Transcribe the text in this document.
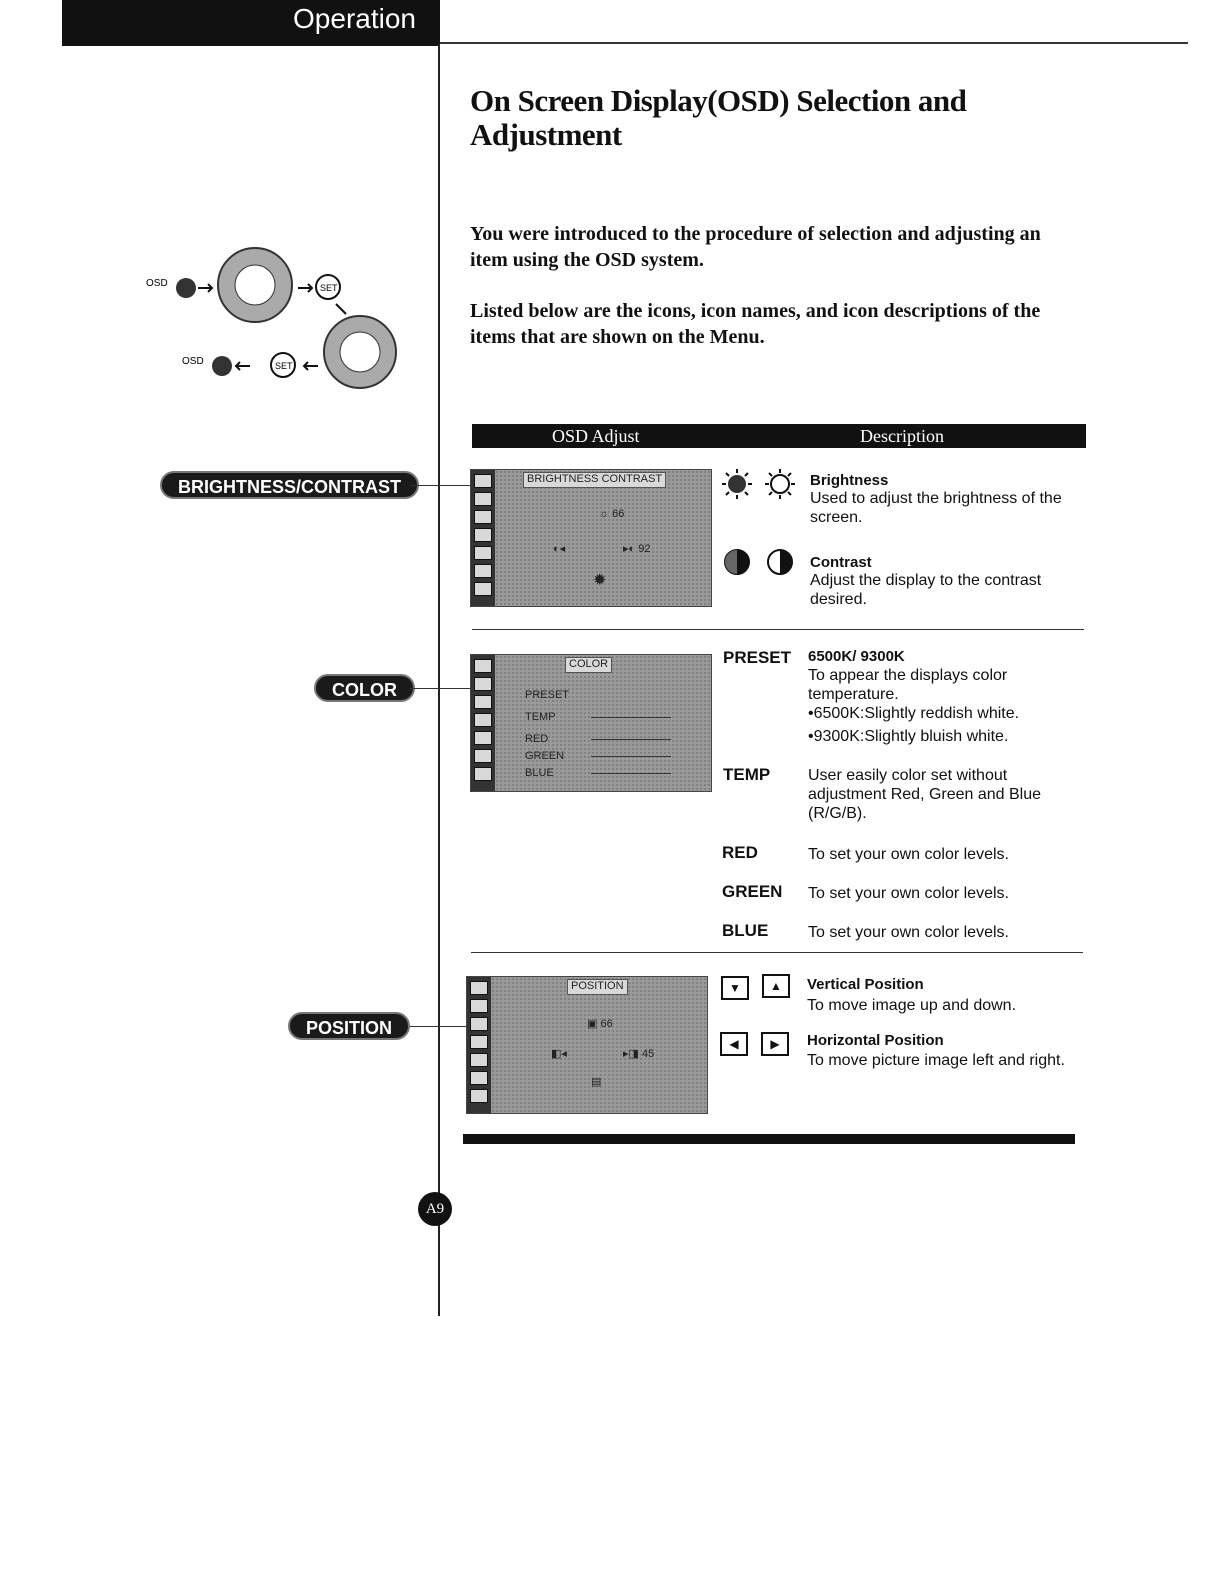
Operation
On Screen Display(OSD) Selection and Adjustment

You were introduced to the procedure of selection and adjusting an item using the OSD system.

Listed below are the icons, icon names, and icon descriptions of the items that are shown on the Menu.

OSD	SET
OSD	SET
OSD Adjust	Description
BRIGHTNESS/CONTRAST	BRIGHTNESS CONTRAST
☼ 66
◐◂	▸◐ 92
✹
Brightness
Used to adjust the brightness of the screen.
Contrast
Adjust the display to the contrast desired.
COLOR
COLOR
PRESET
TEMP
RED
GREEN
BLUE
PRESET 6500K/ 9300K
To appear the displays color temperature.
•6500K:Slightly reddish white.
•9300K:Slightly bluish white.
TEMP User easily color set without adjustment Red, Green and Blue (R/G/B).
RED	To set your own color levels.
GREEN To set your own color levels.
BLUE To set your own color levels.
POSITION
POSITION
▣ 66
◧◂	▸◨ 45
▤
▼	▲	Vertical Position
To move image up and down.
◀	▶	Horizontal Position
To move picture image left and right.
A9
